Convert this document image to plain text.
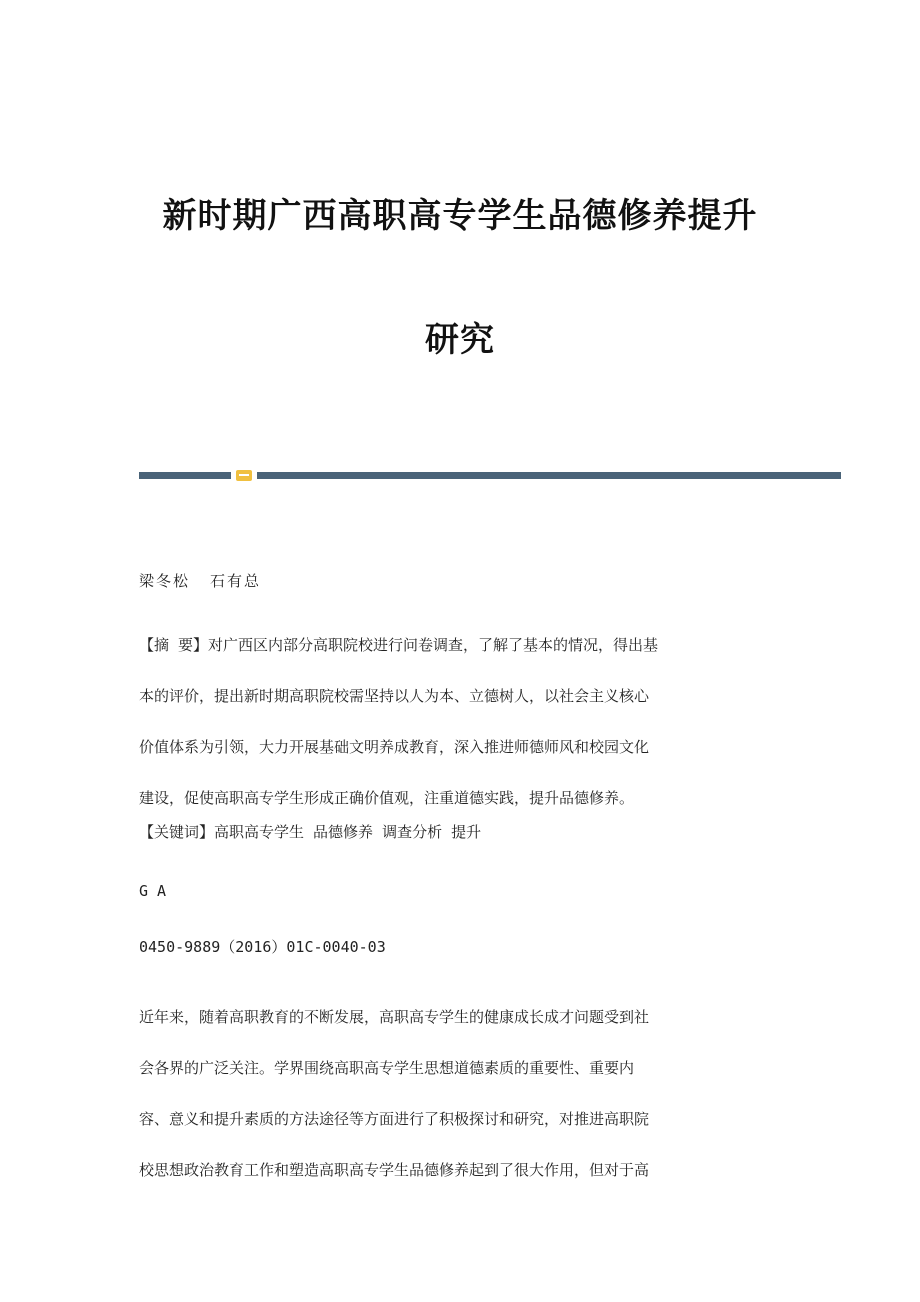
新时期广西高职高专学生品德修养提升
研究
梁冬松 石有总
【摘 要】对广西区内部分高职院校进行问卷调查，了解了基本的情况，得出基
本的评价，提出新时期高职院校需坚持以人为本、立德树人，以社会主义核心
价值体系为引领，大力开展基础文明养成教育，深入推进师德师风和校园文化
建设，促使高职高专学生形成正确价值观，注重道德实践，提升品德修养。
【关键词】高职高专学生 品德修养 调查分析 提升
G A
0450-9889（2016）01C-0040-03
近年来，随着高职教育的不断发展，高职高专学生的健康成长成才问题受到社
会各界的广泛关注。学界围绕高职高专学生思想道德素质的重要性、重要内
容、意义和提升素质的方法途径等方面进行了积极探讨和研究，对推进高职院
校思想政治教育工作和塑造高职高专学生品德修养起到了很大作用，但对于高
